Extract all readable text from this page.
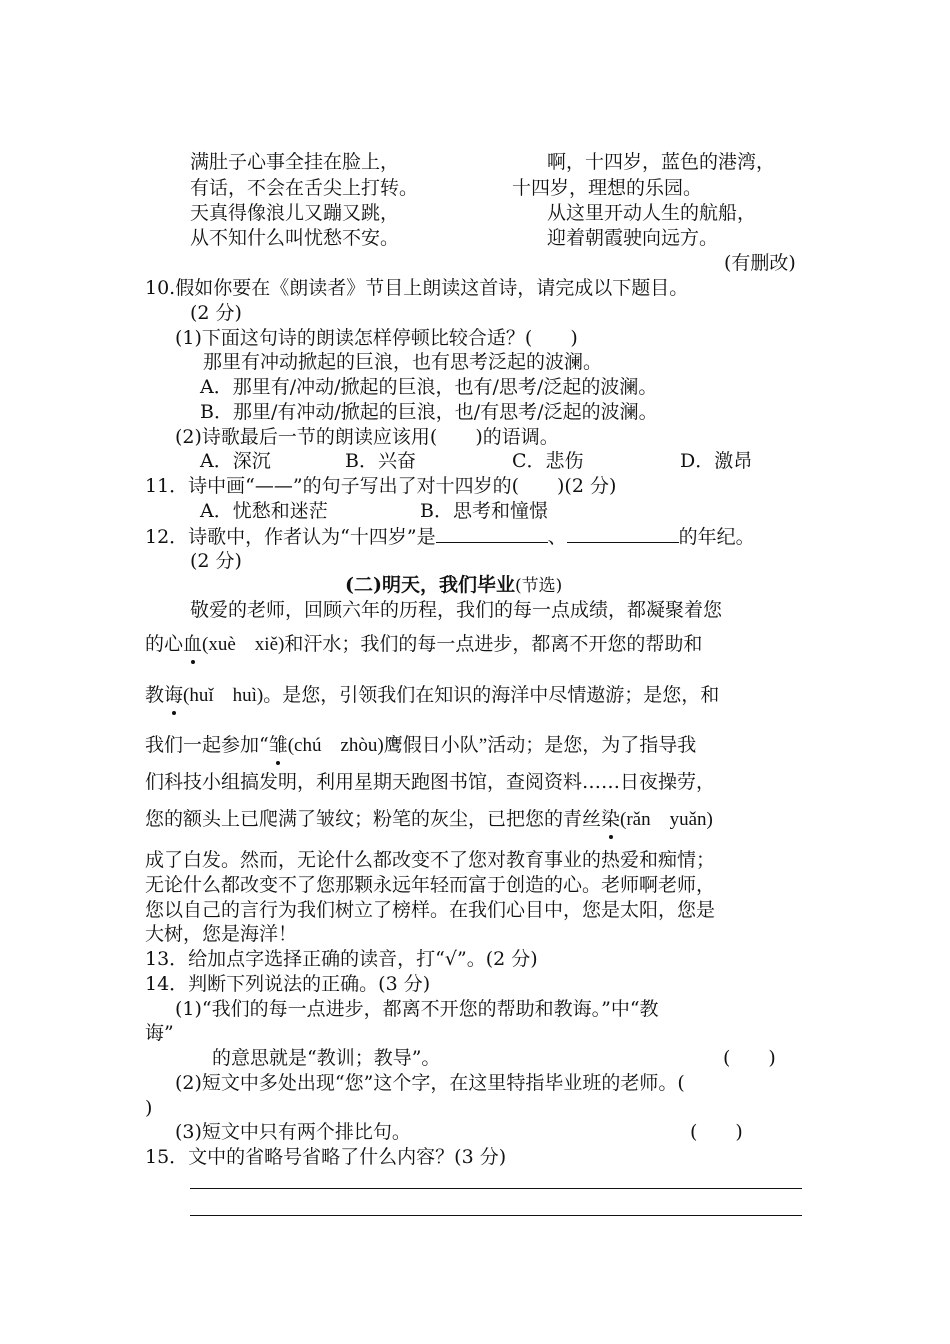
满肚子心事全挂在脸上，	啊，十四岁，蓝色的港湾，
有话，不会在舌尖上打转。	十四岁，理想的乐园。
天真得像浪儿又蹦又跳，	从这里开动人生的航船，
从不知什么叫忧愁不安。	迎着朝霞驶向远方。
(有删改)
10.假如你要在《朗读者》节目上朗读这首诗，请完成以下题目。
(2 分)
(1)下面这句诗的朗读怎样停顿比较合适？(　　)
那里有冲动掀起的巨浪，也有思考泛起的波澜。
A．那里有/冲动/掀起的巨浪，也有/思考/泛起的波澜。
B．那里/有冲动/掀起的巨浪，也/有思考/泛起的波澜。
(2)诗歌最后一节的朗读应该用(　　)的语调。
A．深沉	B．兴奋	C．悲伤	D．激昂
11．诗中画“——”的句子写出了对十四岁的(　　)(2 分)
A．忧愁和迷茫	B．思考和憧憬
12．诗歌中，作者认为“十四岁”是	、	的年纪。
(2 分)
(二)明天，我们毕业(节选)
敬爱的老师，回顾六年的历程，我们的每一点成绩，都凝聚着您
的心血(xuè　xiě)和汗水；我们的每一点进步，都离不开您的帮助和
教诲(huǐ　huì)。是您，引领我们在知识的海洋中尽情遨游；是您，和
我们一起参加“雏(chú　zhòu)鹰假日小队”活动；是您，为了指导我
们科技小组搞发明，利用星期天跑图书馆，查阅资料……日夜操劳，
您的额头上已爬满了皱纹；粉笔的灰尘，已把您的青丝染(rǎn　yuǎn)
成了白发。然而，无论什么都改变不了您对教育事业的热爱和痴情；
无论什么都改变不了您那颗永远年轻而富于创造的心。老师啊老师，
您以自己的言行为我们树立了榜样。在我们心目中，您是太阳，您是
大树，您是海洋！
13．给加点字选择正确的读音，打“√”。(2 分)
14．判断下列说法的正确。(3 分)
(1)“我们的每一点进步，都离不开您的帮助和教诲。”中“教
诲”
的意思就是“教训；教导”。	(　　)
(2)短文中多处出现“您”这个字，在这里特指毕业班的老师。(
)
(3)短文中只有两个排比句。	(　　)
15．文中的省略号省略了什么内容？(3 分)
